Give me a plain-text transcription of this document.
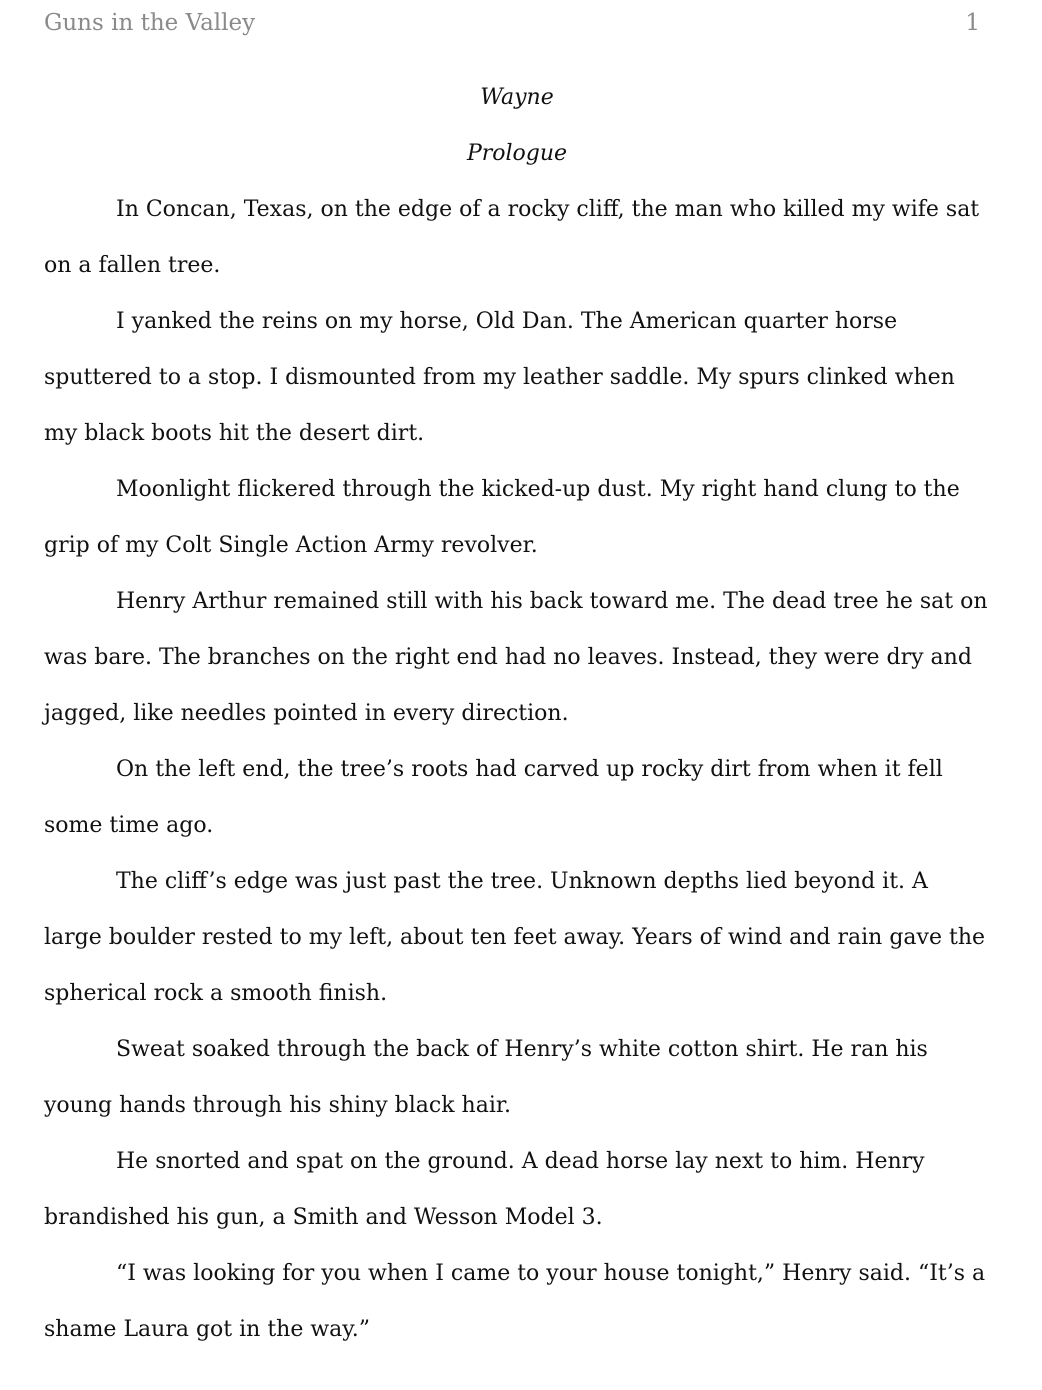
Guns in the Valley	1

Wayne

Prologue

In Concan, Texas, on the edge of a rocky cliff, the man who killed my wife sat on a fallen tree.

I yanked the reins on my horse, Old Dan. The American quarter horse sputtered to a stop. I dismounted from my leather saddle. My spurs clinked when my black boots hit the desert dirt.

Moonlight flickered through the kicked-up dust. My right hand clung to the grip of my Colt Single Action Army revolver.

Henry Arthur remained still with his back toward me. The dead tree he sat on was bare. The branches on the right end had no leaves. Instead, they were dry and jagged, like needles pointed in every direction.

On the left end, the tree’s roots had carved up rocky dirt from when it fell some time ago.

The cliff’s edge was just past the tree. Unknown depths lied beyond it. A large boulder rested to my left, about ten feet away. Years of wind and rain gave the spherical rock a smooth finish.

Sweat soaked through the back of Henry’s white cotton shirt. He ran his young hands through his shiny black hair.

He snorted and spat on the ground. A dead horse lay next to him. Henry brandished his gun, a Smith and Wesson Model 3.

“I was looking for you when I came to your house tonight,” Henry said. “It’s a shame Laura got in the way.”
